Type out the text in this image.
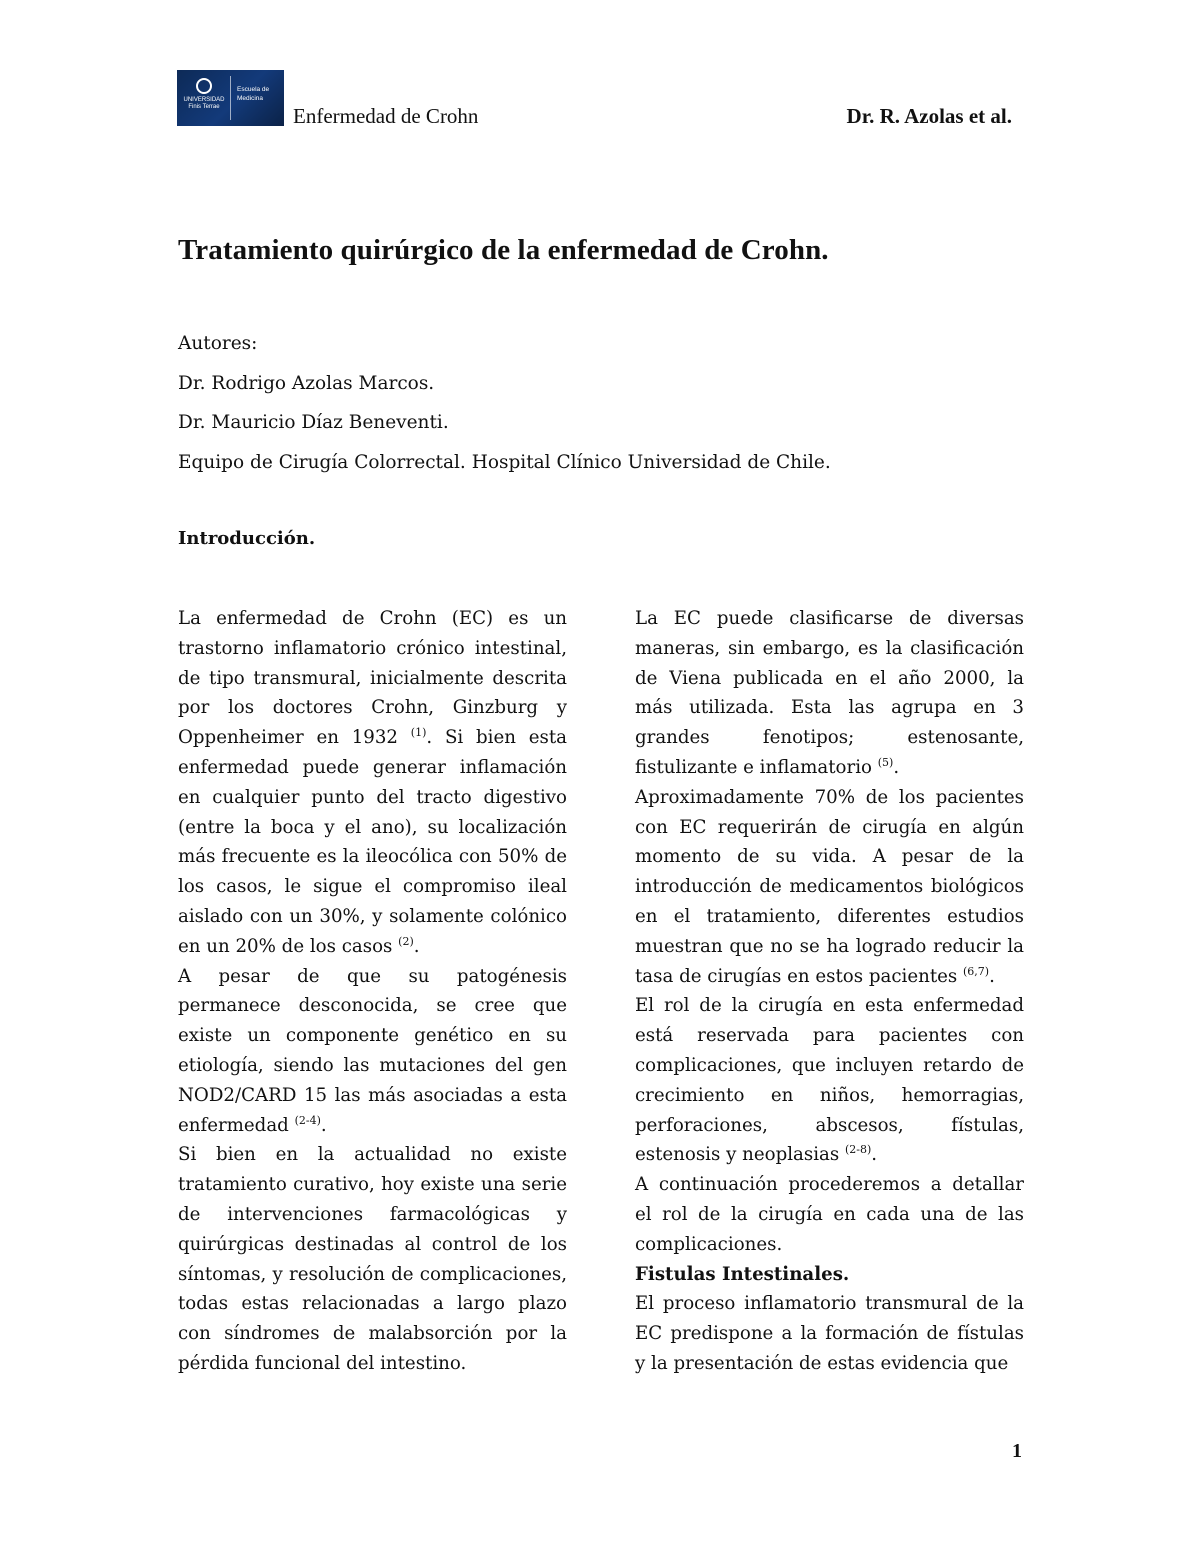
UNIVERSIDAD
Finis Terrae
Escuela de
Medicina
Enfermedad de Crohn	Dr. R. Azolas et al.
Tratamiento quirúrgico de la enfermedad de Crohn.
Autores:
Dr. Rodrigo Azolas Marcos.
Dr. Mauricio Díaz Beneventi.
Equipo de Cirugía Colorrectal. Hospital Clínico Universidad de Chile.
Introducción.

La enfermedad de Crohn (EC) es un trastorno inflamatorio crónico intestinal, de tipo transmural, inicialmente descrita por los doctores Crohn, Ginzburg y Oppenheimer en 1932 $^{(1)}$. Si bien esta enfermedad puede generar inflamación en cualquier punto del tracto digestivo (entre la boca y el ano), su localización más frecuente es la ileocólica con 50% de los casos, le sigue el compromiso ileal aislado con un 30%, y solamente colónico en un 20% de los casos $^{(2)}$.

A pesar de que su patogénesis permanece desconocida, se cree que existe un componente genético en su etiología, siendo las mutaciones del gen NOD2/CARD 15 las más asociadas a esta enfermedad $^{(2-4)}$.

Si bien en la actualidad no existe tratamiento curativo, hoy existe una serie de intervenciones farmacológicas y quirúrgicas destinadas al control de los síntomas, y resolución de complicaciones, todas estas relacionadas a largo plazo con síndromes de malabsorción por la pérdida funcional del intestino.

La EC puede clasificarse de diversas maneras, sin embargo, es la clasificación de Viena publicada en el año 2000, la más utilizada. Esta las agrupa en 3 grandes fenotipos; estenosante, fistulizante e inflamatorio $^{(5)}$.

Aproximadamente 70% de los pacientes con EC requerirán de cirugía en algún momento de su vida. A pesar de la introducción de medicamentos biológicos en el tratamiento, diferentes estudios muestran que no se ha logrado reducir la tasa de cirugías en estos pacientes $^{(6,7)}$.

El rol de la cirugía en esta enfermedad está reservada para pacientes con complicaciones, que incluyen retardo de crecimiento en niños, hemorragias, perforaciones, abscesos, fístulas, estenosis y neoplasias $^{(2-8)}$.

A continuación procederemos a detallar el rol de la cirugía en cada una de las complicaciones.

Fistulas Intestinales.

El proceso inflamatorio transmural de la EC predispone a la formación de fístulas y la presentación de estas evidencia que

1
